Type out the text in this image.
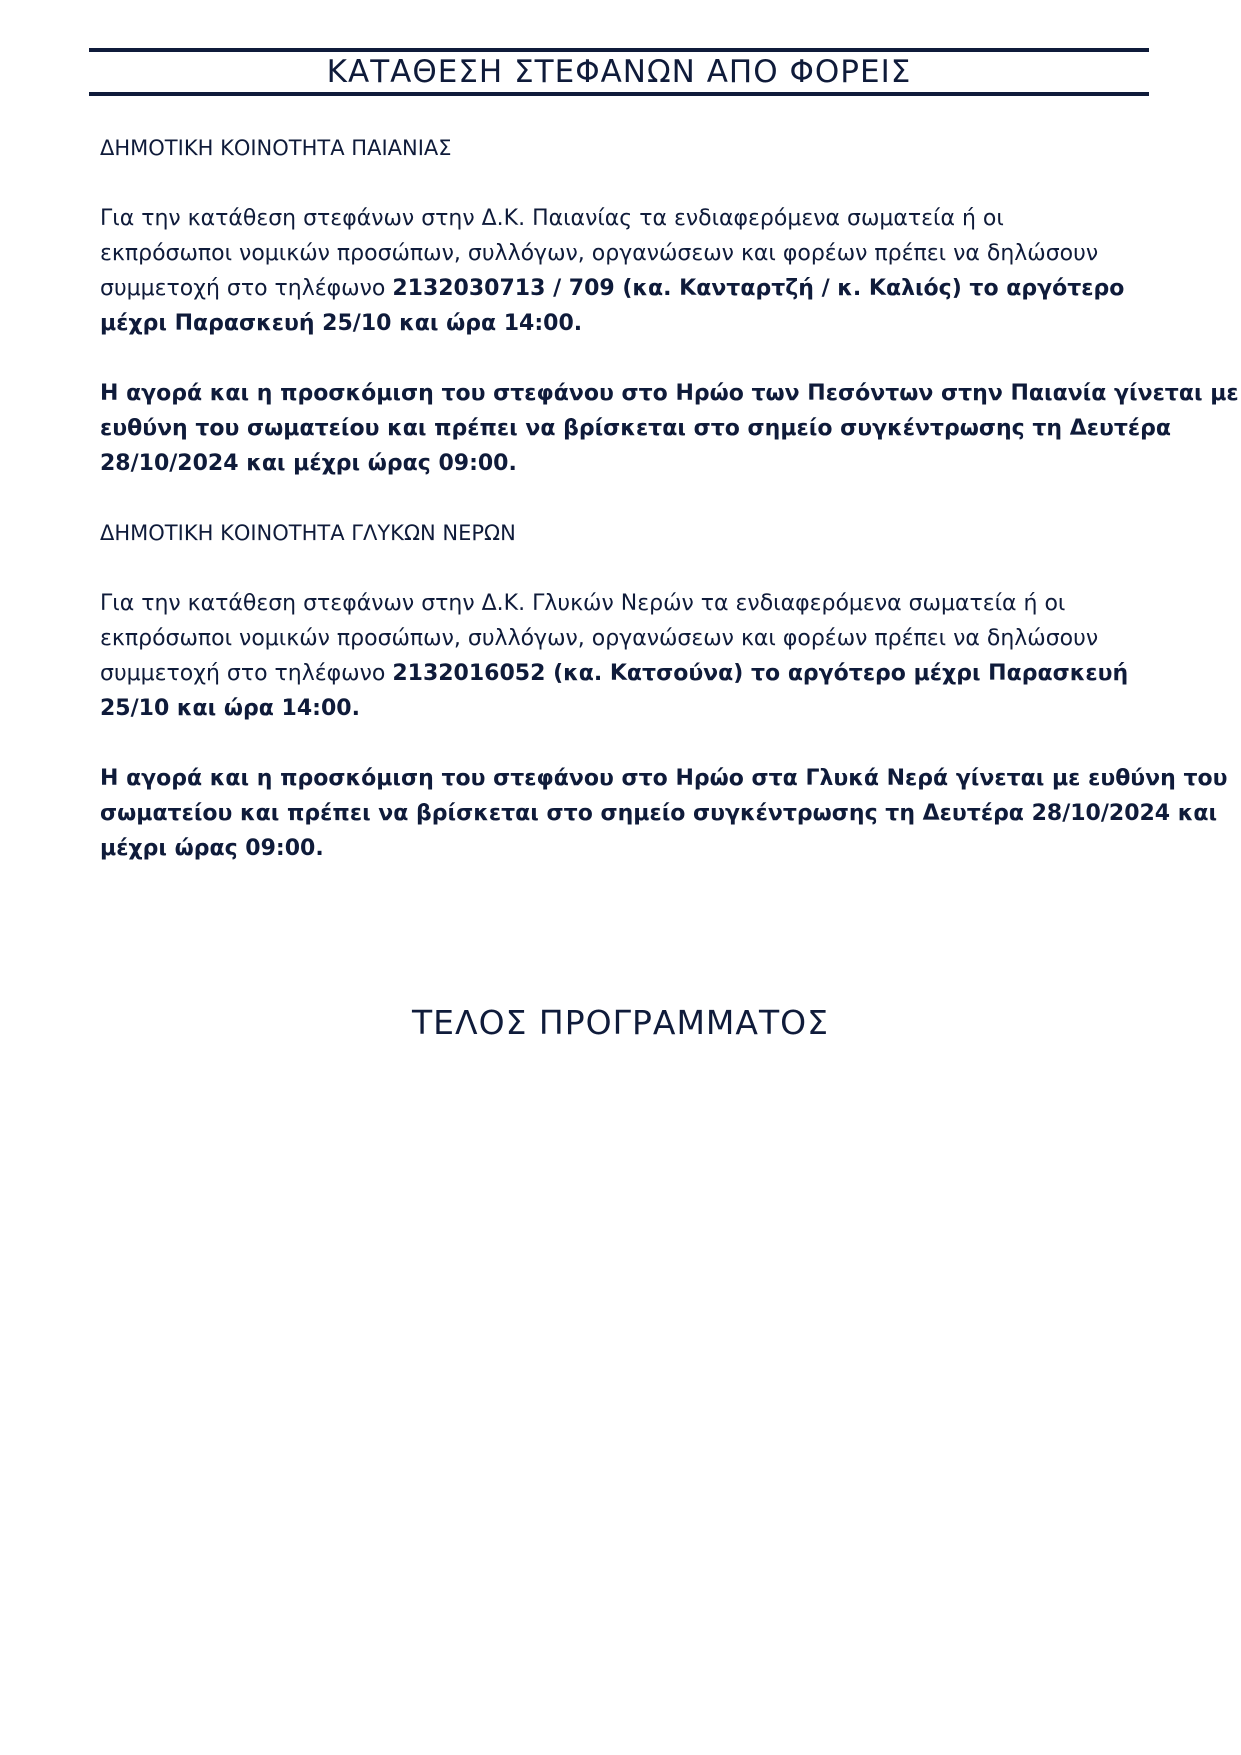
ΚΑΤΑΘΕΣΗ ΣΤΕΦΑΝΩΝ ΑΠΟ ΦΟΡΕΙΣ
ΔΗΜΟΤΙΚΗ ΚΟΙΝΟΤΗΤΑ ΠΑΙΑΝΙΑΣ
Για την κατάθεση στεφάνων στην Δ.Κ. Παιανίας τα ενδιαφερόμενα σωματεία ή οι
εκπρόσωποι νομικών προσώπων, συλλόγων, οργανώσεων και φορέων πρέπει να δηλώσουν
συμμετοχή στο τηλέφωνο 2132030713 / 709 (κα. Κανταρτζή / κ. Καλιός) το αργότερο
μέχρι Παρασκευή 25/10 και ώρα 14:00.
Η αγορά και η προσκόμιση του στεφάνου στο Ηρώο των Πεσόντων στην Παιανία γίνεται με
ευθύνη του σωματείου και πρέπει να βρίσκεται στο σημείο συγκέντρωσης τη Δευτέρα
28/10/2024 και μέχρι ώρας 09:00.
ΔΗΜΟΤΙΚΗ ΚΟΙΝΟΤΗΤΑ ΓΛΥΚΩΝ ΝΕΡΩΝ
Για την κατάθεση στεφάνων στην Δ.Κ. Γλυκών Νερών τα ενδιαφερόμενα σωματεία ή οι
εκπρόσωποι νομικών προσώπων, συλλόγων, οργανώσεων και φορέων πρέπει να δηλώσουν
συμμετοχή στο τηλέφωνο 2132016052 (κα. Κατσούνα) το αργότερο μέχρι Παρασκευή
25/10 και ώρα 14:00.
Η αγορά και η προσκόμιση του στεφάνου στο Ηρώο στα Γλυκά Νερά γίνεται με ευθύνη του
σωματείου και πρέπει να βρίσκεται στο σημείο συγκέντρωσης τη Δευτέρα 28/10/2024 και
μέχρι ώρας 09:00.
ΤΕΛΟΣ ΠΡΟΓΡΑΜΜΑΤΟΣ
